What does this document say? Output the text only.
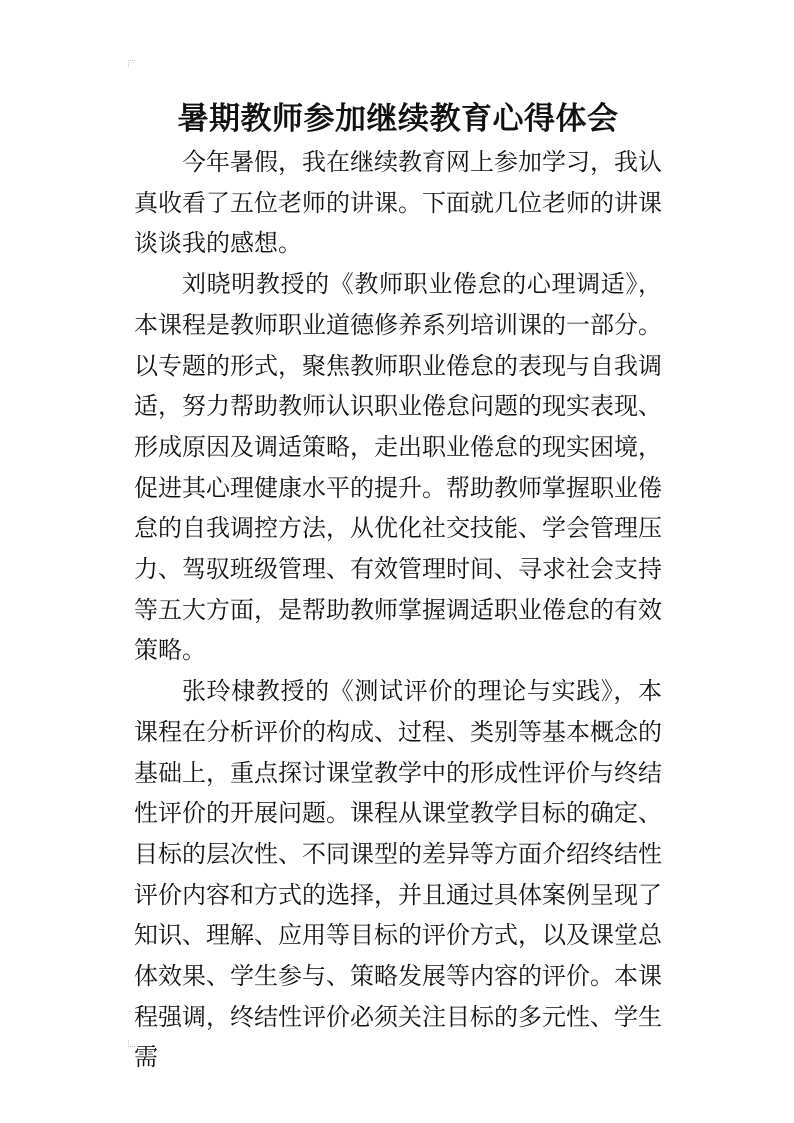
暑期教师参加继续教育心得体会

今年暑假，我在继续教育网上参加学习，我认真收看了五位老师的讲课。下面就几位老师的讲课谈谈我的感想。

刘晓明教授的《教师职业倦怠的心理调适》，本课程是教师职业道德修养系列培训课的一部分。以专题的形式，聚焦教师职业倦怠的表现与自我调适，努力帮助教师认识职业倦怠问题的现实表现、形成原因及调适策略，走出职业倦怠的现实困境，促进其心理健康水平的提升。帮助教师掌握职业倦怠的自我调控方法，从优化社交技能、学会管理压力、驾驭班级管理、有效管理时间、寻求社会支持等五大方面，是帮助教师掌握调适职业倦怠的有效策略。

张玲棣教授的《测试评价的理论与实践》，本课程在分析评价的构成、过程、类别等基本概念的基础上，重点探讨课堂教学中的形成性评价与终结性评价的开展问题。课程从课堂教学目标的确定、目标的层次性、不同课型的差异等方面介绍终结性评价内容和方式的选择，并且通过具体案例呈现了知识、理解、应用等目标的评价方式，以及课堂总体效果、学生参与、策略发展等内容的评价。本课程强调，终结性评价必须关注目标的多元性、学生需
